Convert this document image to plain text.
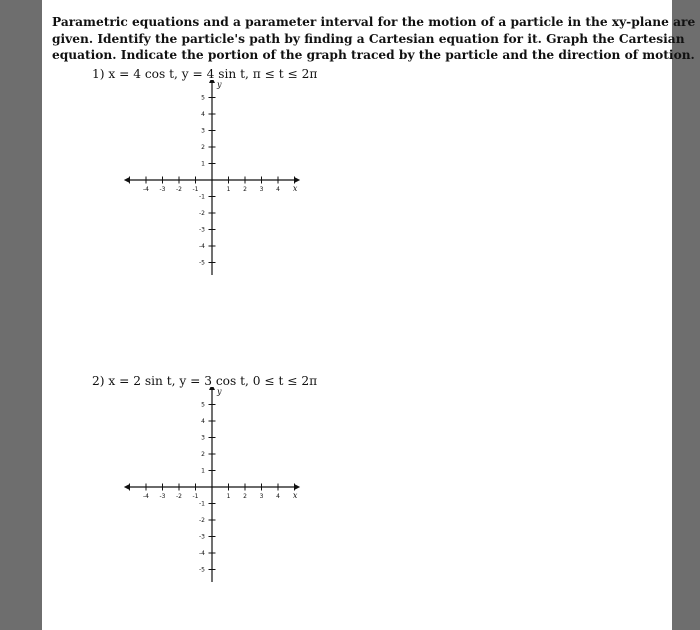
Parametric equations and a parameter interval for the motion of a particle in the xy-plane are
given. Identify the particle's path by finding a Cartesian equation for it. Graph the Cartesian
equation. Indicate the portion of the graph traced by the particle and the direction of motion.
1) x = 4 cos t, y = 4 sin t, π ≤ t ≤ 2π
-4 -3 -2 -1	1 2 3 4
5
4
3
2
1
-1
-2
-3
-4
-5
x
y
2) x = 2 sin t, y = 3 cos t, 0 ≤ t ≤ 2π
-4 -3 -2 -1	1 2 3 4
5
4
3
2
1
-1
-2
-3
-4
-5
x
y
